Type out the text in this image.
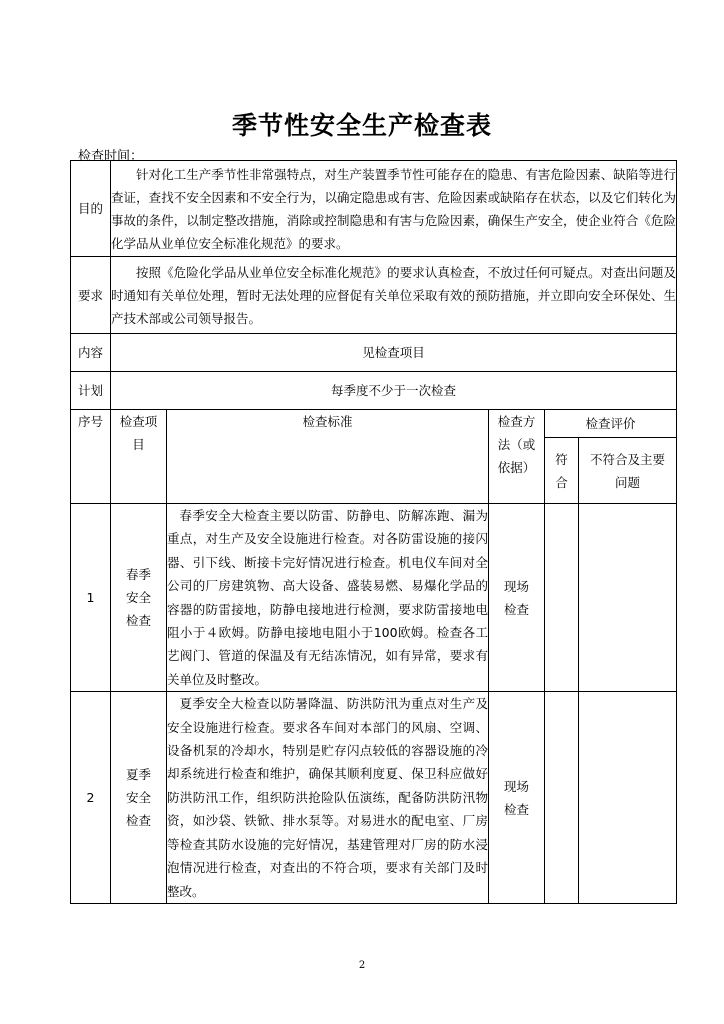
季节性安全生产检查表
检查时间：
目的	针对化工生产季节性非常强特点，对生产装置季节性可能存在的隐患、有害危险因素、缺陷等进行查证，查找不安全因素和不安全行为，以确定隐患或有害、危险因素或缺陷存在状态，以及它们转化为事故的条件，以制定整改措施，消除或控制隐患和有害与危险因素，确保生产安全，使企业符合《危险化学品从业单位安全标准化规范》的要求。				
要求	按照《危险化学品从业单位安全标准化规范》的要求认真检查，不放过任何可疑点。对查出问题及时通知有关单位处理，暂时无法处理的应督促有关单位采取有效的预防措施，并立即向安全环保处、生产技术部或公司领导报告。				
内容	见检查项目				
计划	每季度不少于一次检查				
序号	检查项目	检查标准	检查方法（或依据）	检查评价	
				符合	不符合及主要问题
1	春季安全检查	春季安全大检查主要以防雷、防静电、防解冻跑、漏为重点，对生产及安全设施进行检查。对各防雷设施的接闪器、引下线、断接卡完好情况进行检查。机电仪车间对全公司的厂房建筑物、高大设备、盛装易燃、易爆化学品的容器的防雷接地，防静电接地进行检测，要求防雷接地电阻小于４欧姆。防静电接地电阻小于100欧姆。检查各工艺阀门、管道的保温及有无结冻情况，如有异常，要求有关单位及时整改。	现场检查		
2	夏季安全检查	夏季安全大检查以防暑降温、防洪防汛为重点对生产及安全设施进行检查。要求各车间对本部门的风扇、空调、设备机泵的冷却水，特别是贮存闪点较低的容器设施的冷却系统进行检查和维护，确保其顺利度夏、保卫科应做好防洪防汛工作，组织防洪抢险队伍演练，配备防洪防汛物资，如沙袋、铁锨、排水泵等。对易进水的配电室、厂房等检查其防水设施的完好情况，基建管理对厂房的防水浸泡情况进行检查，对查出的不符合项，要求有关部门及时整改。	现场检查		
2
